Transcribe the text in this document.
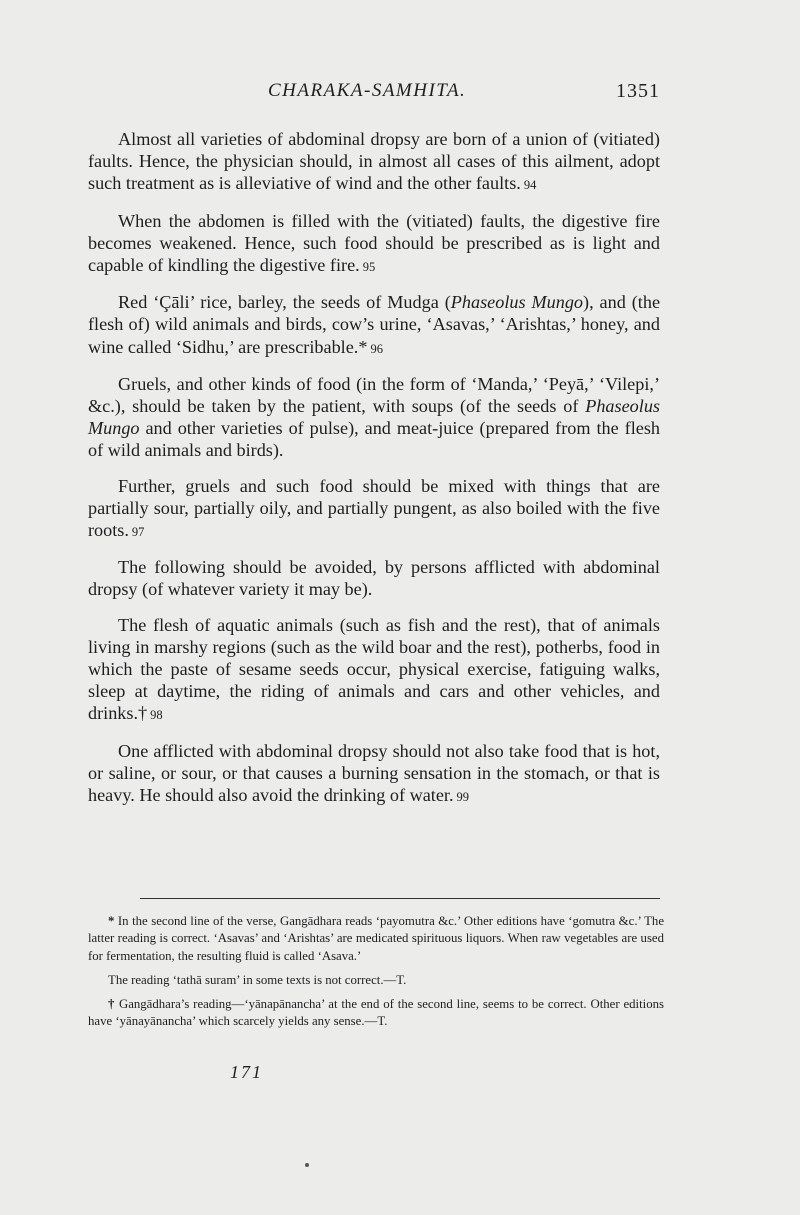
CHARAKA-SAMHITA.	1351

Almost all varieties of abdominal dropsy are born of a union of (vitiated) faults. Hence, the physician should, in almost all cases of this ailment, adopt such treatment as is alleviative of wind and the other faults. 94

When the abdomen is filled with the (vitiated) faults, the digestive fire becomes weakened. Hence, such food should be prescribed as is light and capable of kindling the digestive fire. 95

Red ‘Çāli’ rice, barley, the seeds of Mudga (Phaseolus Mungo), and (the flesh of) wild animals and birds, cow’s urine, ‘Asavas,’ ‘Arishtas,’ honey, and wine called ‘Sidhu,’ are prescribable.* 96

Gruels, and other kinds of food (in the form of ‘Manda,’ ‘Peyā,’ ‘Vilepi,’ &c.), should be taken by the patient, with soups (of the seeds of Phaseolus Mungo and other varieties of pulse), and meat-juice (prepared from the flesh of wild animals and birds).

Further, gruels and such food should be mixed with things that are partially sour, partially oily, and partially pungent, as also boiled with the five roots. 97

The following should be avoided, by persons afflicted with abdominal dropsy (of whatever variety it may be).

The flesh of aquatic animals (such as fish and the rest), that of animals living in marshy regions (such as the wild boar and the rest), potherbs, food in which the paste of sesame seeds occur, physical exercise, fatiguing walks, sleep at daytime, the riding of animals and cars and other vehicles, and drinks.† 98

One afflicted with abdominal dropsy should not also take food that is hot, or saline, or sour, or that causes a burning sensation in the stomach, or that is heavy. He should also avoid the drinking of water. 99

* In the second line of the verse, Gangādhara reads ‘payomutra &c.’ Other editions have ‘gomutra &c.’ The latter reading is correct. ‘Asavas’ and ‘Arishtas’ are medicated spirituous liquors. When raw vegetables are used for fermentation, the resulting fluid is called ‘Asava.’

The reading ‘tathā suram’ in some texts is not correct.—T.

† Gangādhara’s reading—‘yānapānancha’ at the end of the second line, seems to be correct. Other editions have ‘yānayānancha’ which scarcely yields any sense.—T.

171
